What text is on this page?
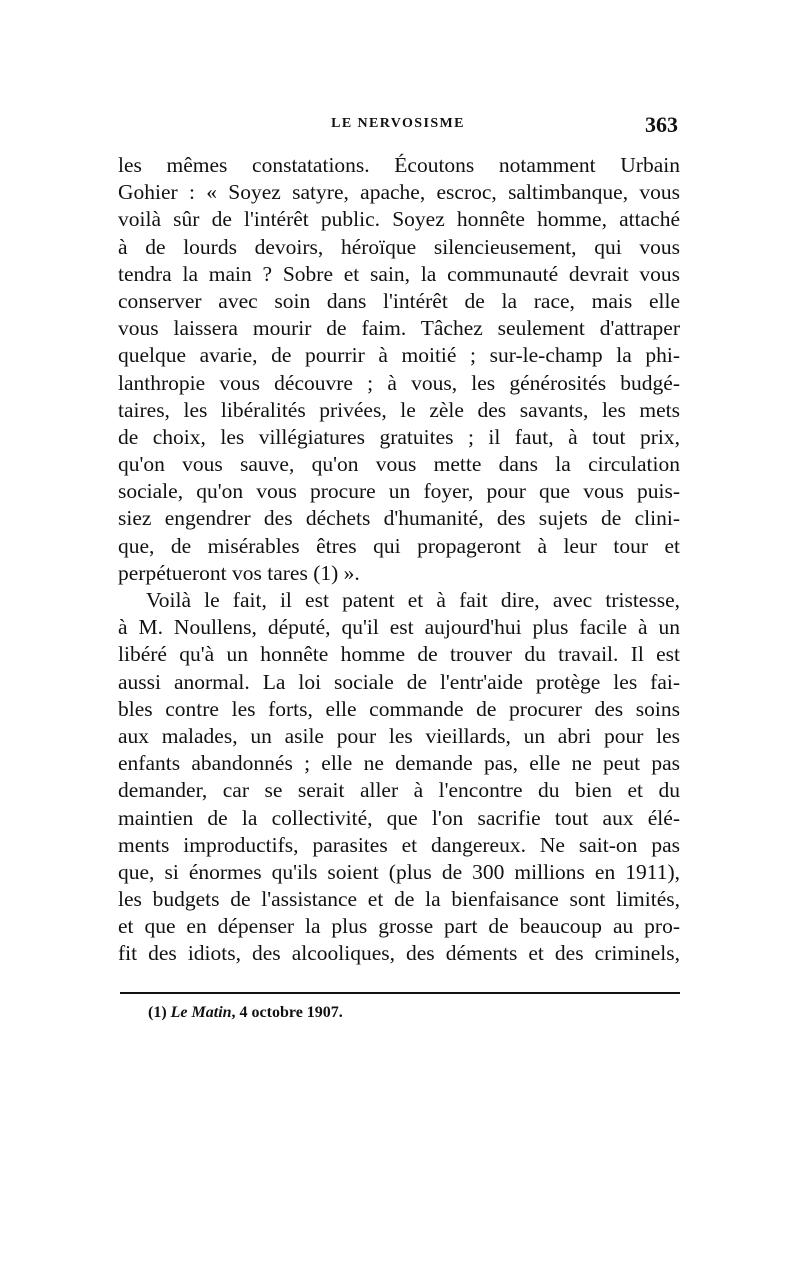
LE NERVOSISME	363
les mêmes constatations. Écoutons notamment Urbain
Gohier : « Soyez satyre, apache, escroc, saltimbanque, vous
voilà sûr de l'intérêt public. Soyez honnête homme, attaché
à de lourds devoirs, héroïque silencieusement, qui vous
tendra la main ? Sobre et sain, la communauté devrait vous
conserver avec soin dans l'intérêt de la race, mais elle
vous laissera mourir de faim. Tâchez seulement d'attraper
quelque avarie, de pourrir à moitié ; sur-le-champ la phi-
lanthropie vous découvre ; à vous, les générosités budgé-
taires, les libéralités privées, le zèle des savants, les mets
de choix, les villégiatures gratuites ; il faut, à tout prix,
qu'on vous sauve, qu'on vous mette dans la circulation
sociale, qu'on vous procure un foyer, pour que vous puis-
siez engendrer des déchets d'humanité, des sujets de clini-
que, de misérables êtres qui propageront à leur tour et
perpétueront vos tares (1) ».
Voilà le fait, il est patent et à fait dire, avec tristesse,
à M. Noullens, député, qu'il est aujourd'hui plus facile à un
libéré qu'à un honnête homme de trouver du travail. Il est
aussi anormal. La loi sociale de l'entr'aide protège les fai-
bles contre les forts, elle commande de procurer des soins
aux malades, un asile pour les vieillards, un abri pour les
enfants abandonnés ; elle ne demande pas, elle ne peut pas
demander, car se serait aller à l'encontre du bien et du
maintien de la collectivité, que l'on sacrifie tout aux élé-
ments improductifs, parasites et dangereux. Ne sait-on pas
que, si énormes qu'ils soient (plus de 300 millions en 1911),
les budgets de l'assistance et de la bienfaisance sont limités,
et que en dépenser la plus grosse part de beaucoup au pro-
fit des idiots, des alcooliques, des déments et des criminels,
(1) Le Matin, 4 octobre 1907.
